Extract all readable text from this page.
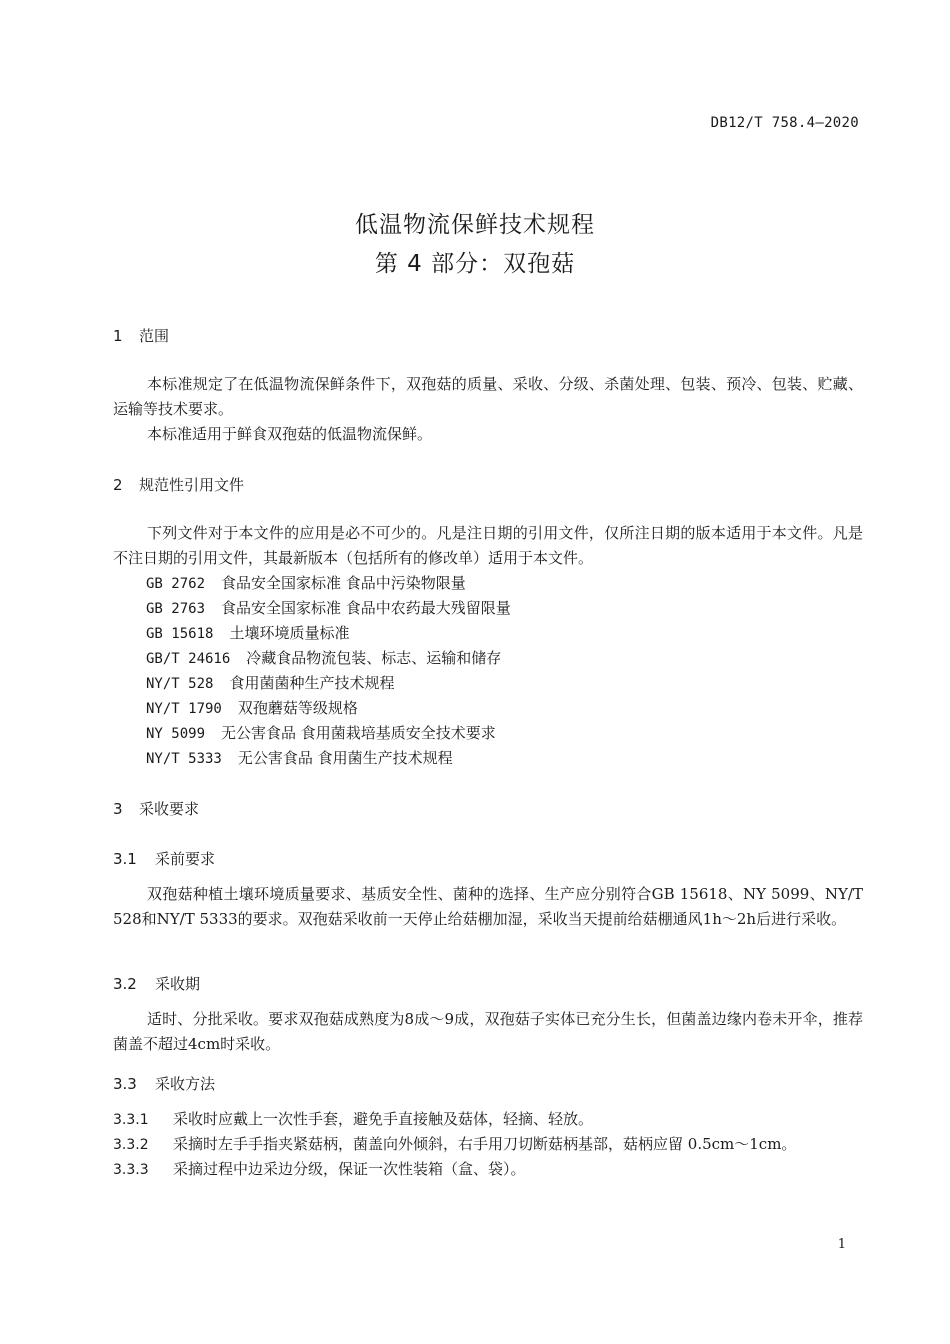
DB12/T 758.4—2020
低温物流保鲜技术规程
第 4 部分：双孢菇
1 范围
本标准规定了在低温物流保鲜条件下，双孢菇的质量、采收、分级、杀菌处理、包装、预冷、包装、贮藏、运输等技术要求。
本标准适用于鲜食双孢菇的低温物流保鲜。
2 规范性引用文件
下列文件对于本文件的应用是必不可少的。凡是注日期的引用文件，仅所注日期的版本适用于本文件。凡是不注日期的引用文件，其最新版本（包括所有的修改单）适用于本文件。
GB 2762 食品安全国家标准 食品中污染物限量
GB 2763 食品安全国家标准 食品中农药最大残留限量
GB 15618 土壤环境质量标准
GB/T 24616 冷藏食品物流包装、标志、运输和储存
NY/T 528 食用菌菌种生产技术规程
NY/T 1790 双孢蘑菇等级规格
NY 5099 无公害食品 食用菌栽培基质安全技术要求
NY/T 5333 无公害食品 食用菌生产技术规程
3 采收要求
3.1 采前要求
双孢菇种植土壤环境质量要求、基质安全性、菌种的选择、生产应分别符合GB 15618、NY 5099、NY/T 528和NY/T 5333的要求。双孢菇采收前一天停止给菇棚加湿，采收当天提前给菇棚通风1h～2h后进行采收。
3.2 采收期
适时、分批采收。要求双孢菇成熟度为8成～9成，双孢菇子实体已充分生长，但菌盖边缘内卷未开伞，推荐菌盖不超过4cm时采收。
3.3 采收方法
3.3.1 采收时应戴上一次性手套，避免手直接触及菇体，轻摘、轻放。
3.3.2 采摘时左手手指夹紧菇柄，菌盖向外倾斜，右手用刀切断菇柄基部，菇柄应留 0.5cm～1cm。
3.3.3 采摘过程中边采边分级，保证一次性装箱（盒、袋）。
1
